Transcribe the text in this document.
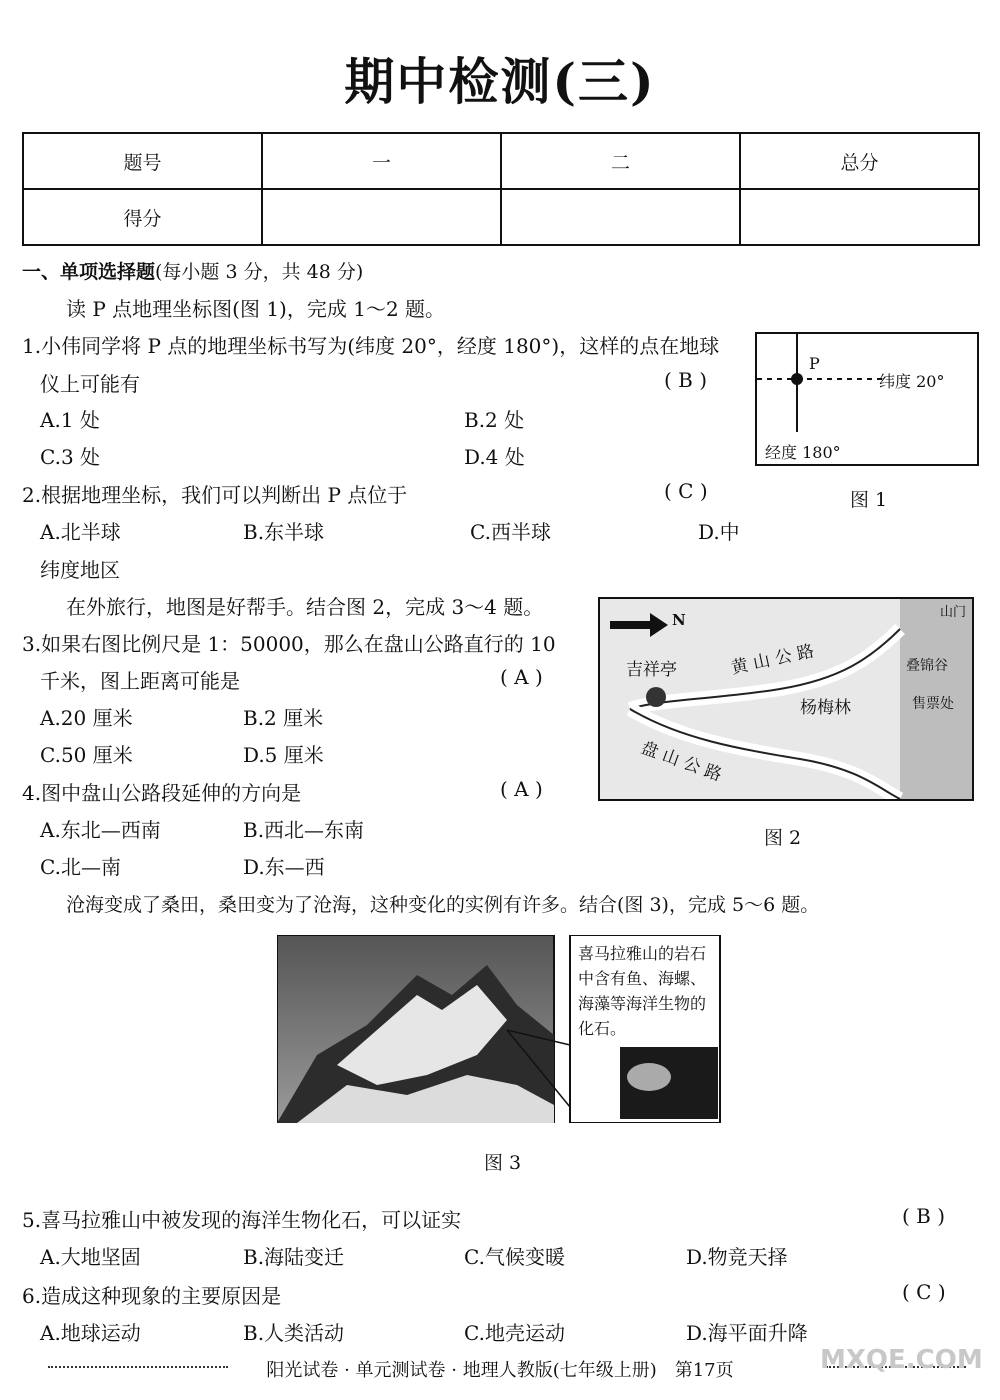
期中检测(三)
题号	一	二	总分
得分			
一、单项选择题(每小题 3 分，共 48 分)
读 P 点地理坐标图(图 1)，完成 1～2 题。
1.小伟同学将 P 点的地理坐标书写为(纬度 20°，经度 180°)，这样的点在地球
仪上可能有	( B )
A.1 处	B.2 处
C.3 处	D.4 处
P
纬度 20°
经度 180°
图 1
2.根据地理坐标，我们可以判断出 P 点位于	( C )
A.北半球	B.东半球	C.西半球	D.中
纬度地区
在外旅行，地图是好帮手。结合图 2，完成 3～4 题。
3.如果右图比例尺是 1：50000，那么在盘山公路直行的 10
千米，图上距离可能是	( A )
A.20 厘米	B.2 厘米
C.50 厘米	D.5 厘米
4.图中盘山公路段延伸的方向是	( A )
A.东北—西南	B.西北—东南
C.北—南	D.东—西
N
吉祥亭	黄 山 公 路
盘 山 公 路
杨梅林	售票处
叠锦谷
山门
图 2
沧海变成了桑田，桑田变为了沧海，这种变化的实例有许多。结合(图 3)，完成 5～6 题。
喜马拉雅山的岩石中含有鱼、海螺、海藻等海洋生物的化石。
图 3
5.喜马拉雅山中被发现的海洋生物化石，可以证实	( B )
A.大地坚固	B.海陆变迁	C.气候变暖	D.物竞天择
6.造成这种现象的主要原因是	( C )
A.地球运动	B.人类活动	C.地壳运动	D.海平面升降
阳光试卷 · 单元测试卷 · 地理人教版(七年级上册)　第17页	MXQE.COM
